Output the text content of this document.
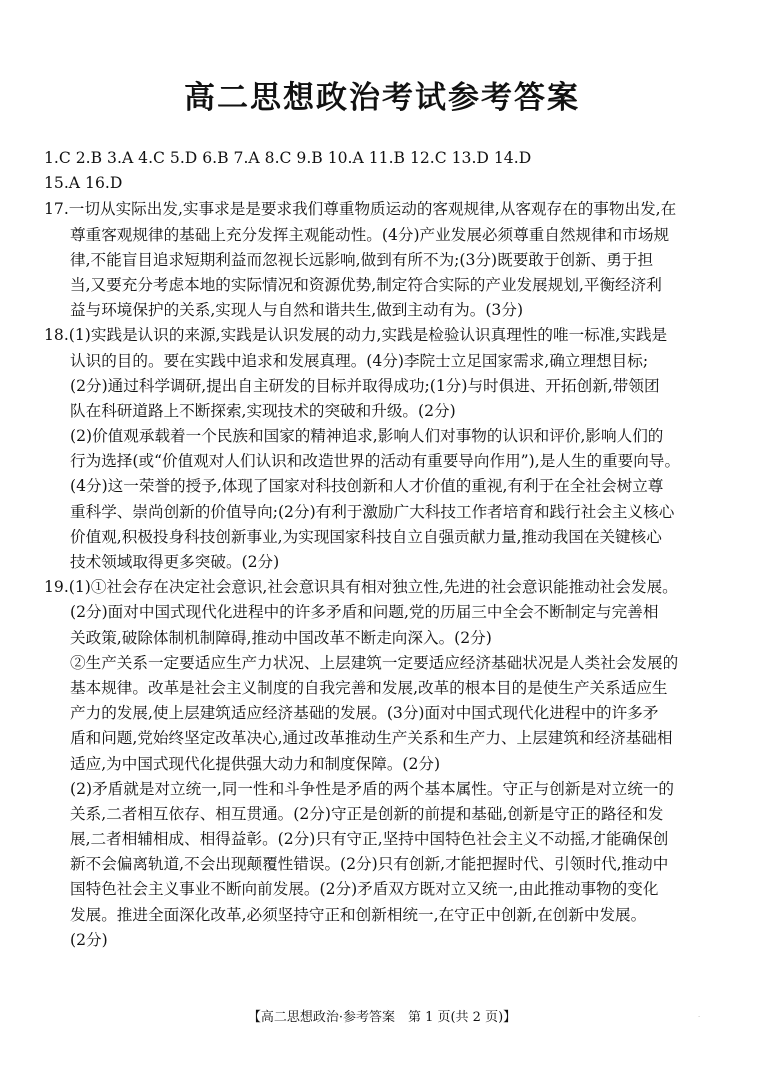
高二思想政治考试参考答案
1.C 2.B 3.A 4.C 5.D 6.B 7.A 8.C 9.B 10.A 11.B 12.C 13.D 14.D
15.A 16.D
17.一切从实际出发,实事求是是要求我们尊重物质运动的客观规律,从客观存在的事物出发,在
尊重客观规律的基础上充分发挥主观能动性。(4分)产业发展必须尊重自然规律和市场规
律,不能盲目追求短期利益而忽视长远影响,做到有所不为;(3分)既要敢于创新、勇于担
当,又要充分考虑本地的实际情况和资源优势,制定符合实际的产业发展规划,平衡经济利
益与环境保护的关系,实现人与自然和谐共生,做到主动有为。(3分)
18.(1)实践是认识的来源,实践是认识发展的动力,实践是检验认识真理性的唯一标准,实践是
认识的目的。要在实践中追求和发展真理。(4分)李院士立足国家需求,确立理想目标;
(2分)通过科学调研,提出自主研发的目标并取得成功;(1分)与时俱进、开拓创新,带领团
队在科研道路上不断探索,实现技术的突破和升级。(2分)
(2)价值观承载着一个民族和国家的精神追求,影响人们对事物的认识和评价,影响人们的
行为选择(或“价值观对人们认识和改造世界的活动有重要导向作用”),是人生的重要向导。
(4分)这一荣誉的授予,体现了国家对科技创新和人才价值的重视,有利于在全社会树立尊
重科学、崇尚创新的价值导向;(2分)有利于激励广大科技工作者培育和践行社会主义核心
价值观,积极投身科技创新事业,为实现国家科技自立自强贡献力量,推动我国在关键核心
技术领域取得更多突破。(2分)
19.(1)①社会存在决定社会意识,社会意识具有相对独立性,先进的社会意识能推动社会发展。
(2分)面对中国式现代化进程中的许多矛盾和问题,党的历届三中全会不断制定与完善相
关政策,破除体制机制障碍,推动中国改革不断走向深入。(2分)
②生产关系一定要适应生产力状况、上层建筑一定要适应经济基础状况是人类社会发展的
基本规律。改革是社会主义制度的自我完善和发展,改革的根本目的是使生产关系适应生
产力的发展,使上层建筑适应经济基础的发展。(3分)面对中国式现代化进程中的许多矛
盾和问题,党始终坚定改革决心,通过改革推动生产关系和生产力、上层建筑和经济基础相
适应,为中国式现代化提供强大动力和制度保障。(2分)
(2)矛盾就是对立统一,同一性和斗争性是矛盾的两个基本属性。守正与创新是对立统一的
关系,二者相互依存、相互贯通。(2分)守正是创新的前提和基础,创新是守正的路径和发
展,二者相辅相成、相得益彰。(2分)只有守正,坚持中国特色社会主义不动摇,才能确保创
新不会偏离轨道,不会出现颠覆性错误。(2分)只有创新,才能把握时代、引领时代,推动中
国特色社会主义事业不断向前发展。(2分)矛盾双方既对立又统一,由此推动事物的变化
发展。推进全面深化改革,必须坚持守正和创新相统一,在守正中创新,在创新中发展。
(2分)
【高二思想政治·参考答案　第 1 页(共 2 页)】	·
